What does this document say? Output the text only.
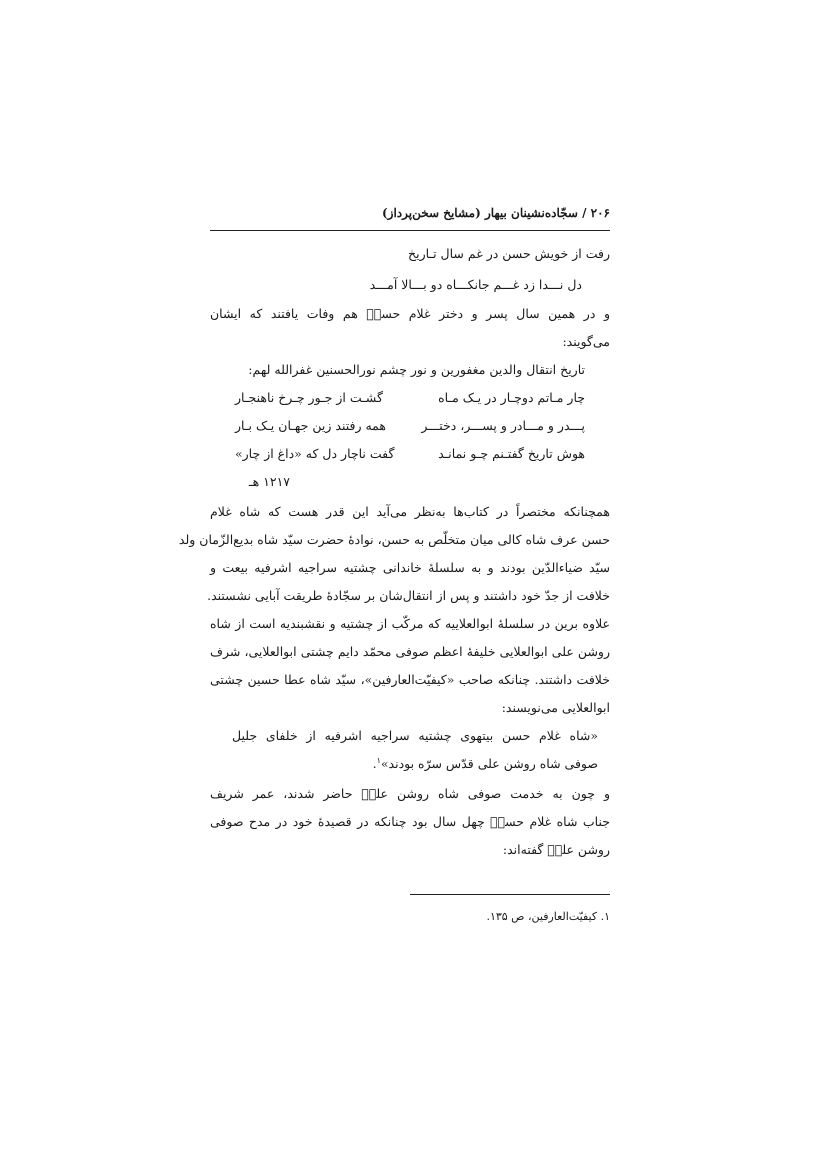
۲۰۶ / سجّاده‌نشینان بیهار (مشایخ سخن‌پرداز)
رفت از خویش حسن در غم سال تـاریخ
دل نـــدا زد غـــم جانکـــاه دو بـــالا آمـــد
و در همین سال پسر و دختر غلام حسنؒ هم وفات یافتند که ایشان
می‌گویند:
تاریخ انتقال والدین مغفورین و نور چشم نورالحسنین غفرالله لهم:
چار مـاتم دوچـار در یـک مـاه
گشـت از جـور چـرخ ناهنجـار
پـــدر و مـــادر و پســـر، دختـــر
همه رفتند زین جهـان یـک بـار
هوش تاریخ گفتـنم چـو نمانـد
گفت ناچار دل که «داغ از چار»
۱۲۱۷ هـ
همچنانکه مختصراً در کتاب‌ها به‌نظر می‌آید این قدر هست که شاه غلام
حسن عرف شاه کالی میان متخلّص به حسن، نوادهٔ حضرت سیّد شاه بدیع‌الزّمان ولد
سیّد ضیاءالدّین بودند و به سلسلهٔ خاندانی چشتیه سراجیه اشرفیه بیعت و
خلافت از جدّ خود داشتند و پس از انتقال‌شان بر سجّادهٔ طریقت آبایی نشستند.
علاوه برین در سلسلهٔ ابوالعلاییه که مرکّب از چشتیه و نقشبندیه است از شاه
روشن علی ابوالعلایی خلیفهٔ اعظم صوفی محمّد دایم چشتی ابوالعلایی، شرف
خلافت داشتند. چنانکه صاحب «کیفیّت‌العارفین»، سیّد شاه عطا حسین چشتی
ابوالعلایی می‌نویسند:
«شاه غلام حسن بیتهوی چشتیه سراجیه اشرفیه از خلفای جلیل
صوفی شاه روشن علی قدّس سرّه بودند»$^۱$.
و چون به خدمت صوفی شاه روشن علیؒ حاضر شدند، عمر شریف
جناب شاه غلام حسنؒ چهل سال بود چنانکه در قصیدهٔ خود در مدح صوفی
روشن علیؒ گفته‌اند:
۱. کیفیّت‌العارفین، ص ۱۳۵.
